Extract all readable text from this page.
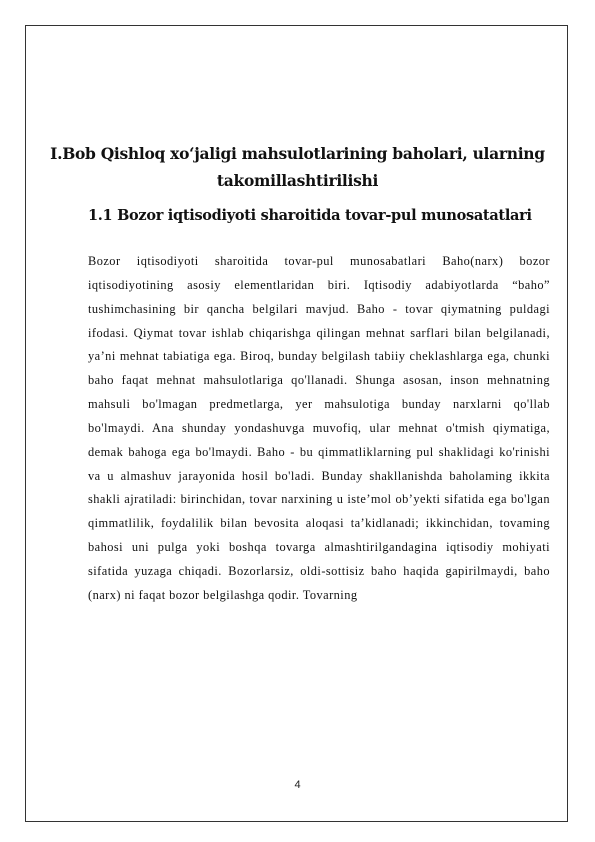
I.Bob Qishloq xo‘jaligi mahsulotlarining baholari, ularning takomillashtirilishi
1.1 Bozor iqtisodiyoti sharoitida tovar-pul munosatatlari
Bozor iqtisodiyoti sharoitida tovar-pul munosabatlari Baho(narx) bozor iqtisodiyotining asosiy elementlaridan biri. Iqtisodiy adabiyotlarda “baho” tushimchasining bir qancha belgilari mavjud. Baho - tovar qiymatning puldagi ifodasi. Qiymat tovar ishlab chiqarishga qilingan mehnat sarflari bilan belgilanadi, ya’ni mehnat tabiatiga ega. Biroq, bunday belgilash tabiiy cheklashlarga ega, chunki baho faqat mehnat mahsulotlariga qo'llanadi. Shunga asosan, inson mehnatning mahsuli bo'lmagan predmetlarga, yer mahsulotiga bunday narxlarni qo'llab bo'lmaydi. Ana shunday yondashuvga muvofiq, ular mehnat o'tmish qiymatiga, demak bahoga ega bo'lmaydi. Baho - bu qimmatliklarning pul shaklidagi ko'rinishi va u almashuv jarayonida hosil bo'ladi. Bunday shakllanishda baholaming ikkita shakli ajratiladi: birinchidan, tovar narxining u iste’mol ob’yekti sifatida ega bo'lgan qimmatlilik, foydalilik bilan bevosita aloqasi ta’kidlanadi; ikkinchidan, tovaming bahosi uni pulga yoki boshqa tovarga almashtirilgandagina iqtisodiy mohiyati sifatida yuzaga chiqadi. Bozorlarsiz, oldi-sottisiz baho haqida gapirilmaydi, baho (narx) ni faqat bozor belgilashga qodir. Tovarning
4
